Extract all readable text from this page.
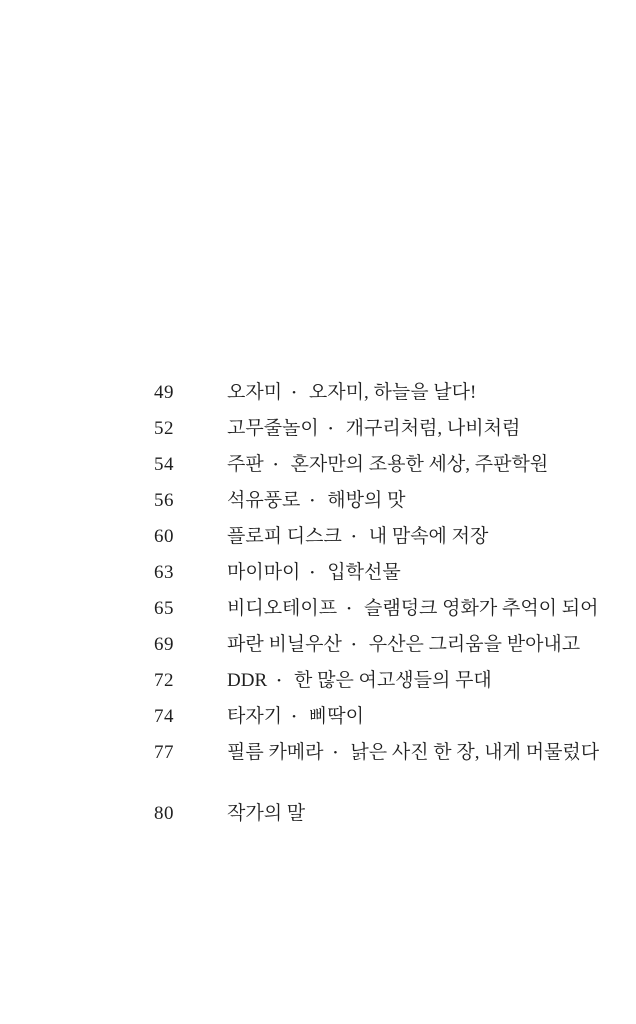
49	오자미 • 오자미, 하늘을 날다!
52	고무줄놀이 • 개구리처럼, 나비처럼
54	주판 • 혼자만의 조용한 세상, 주판학원
56	석유풍로 • 해방의 맛
60	플로피 디스크 • 내 맘속에 저장
63	마이마이 • 입학선물
65	비디오테이프 • 슬램덩크 영화가 추억이 되어
69	파란 비닐우산 • 우산은 그리움을 받아내고
72	DDR • 한 많은 여고생들의 무대
74	타자기 • 삐딱이
77	필름 카메라 • 낡은 사진 한 장, 내게 머물렀다
80	작가의 말
